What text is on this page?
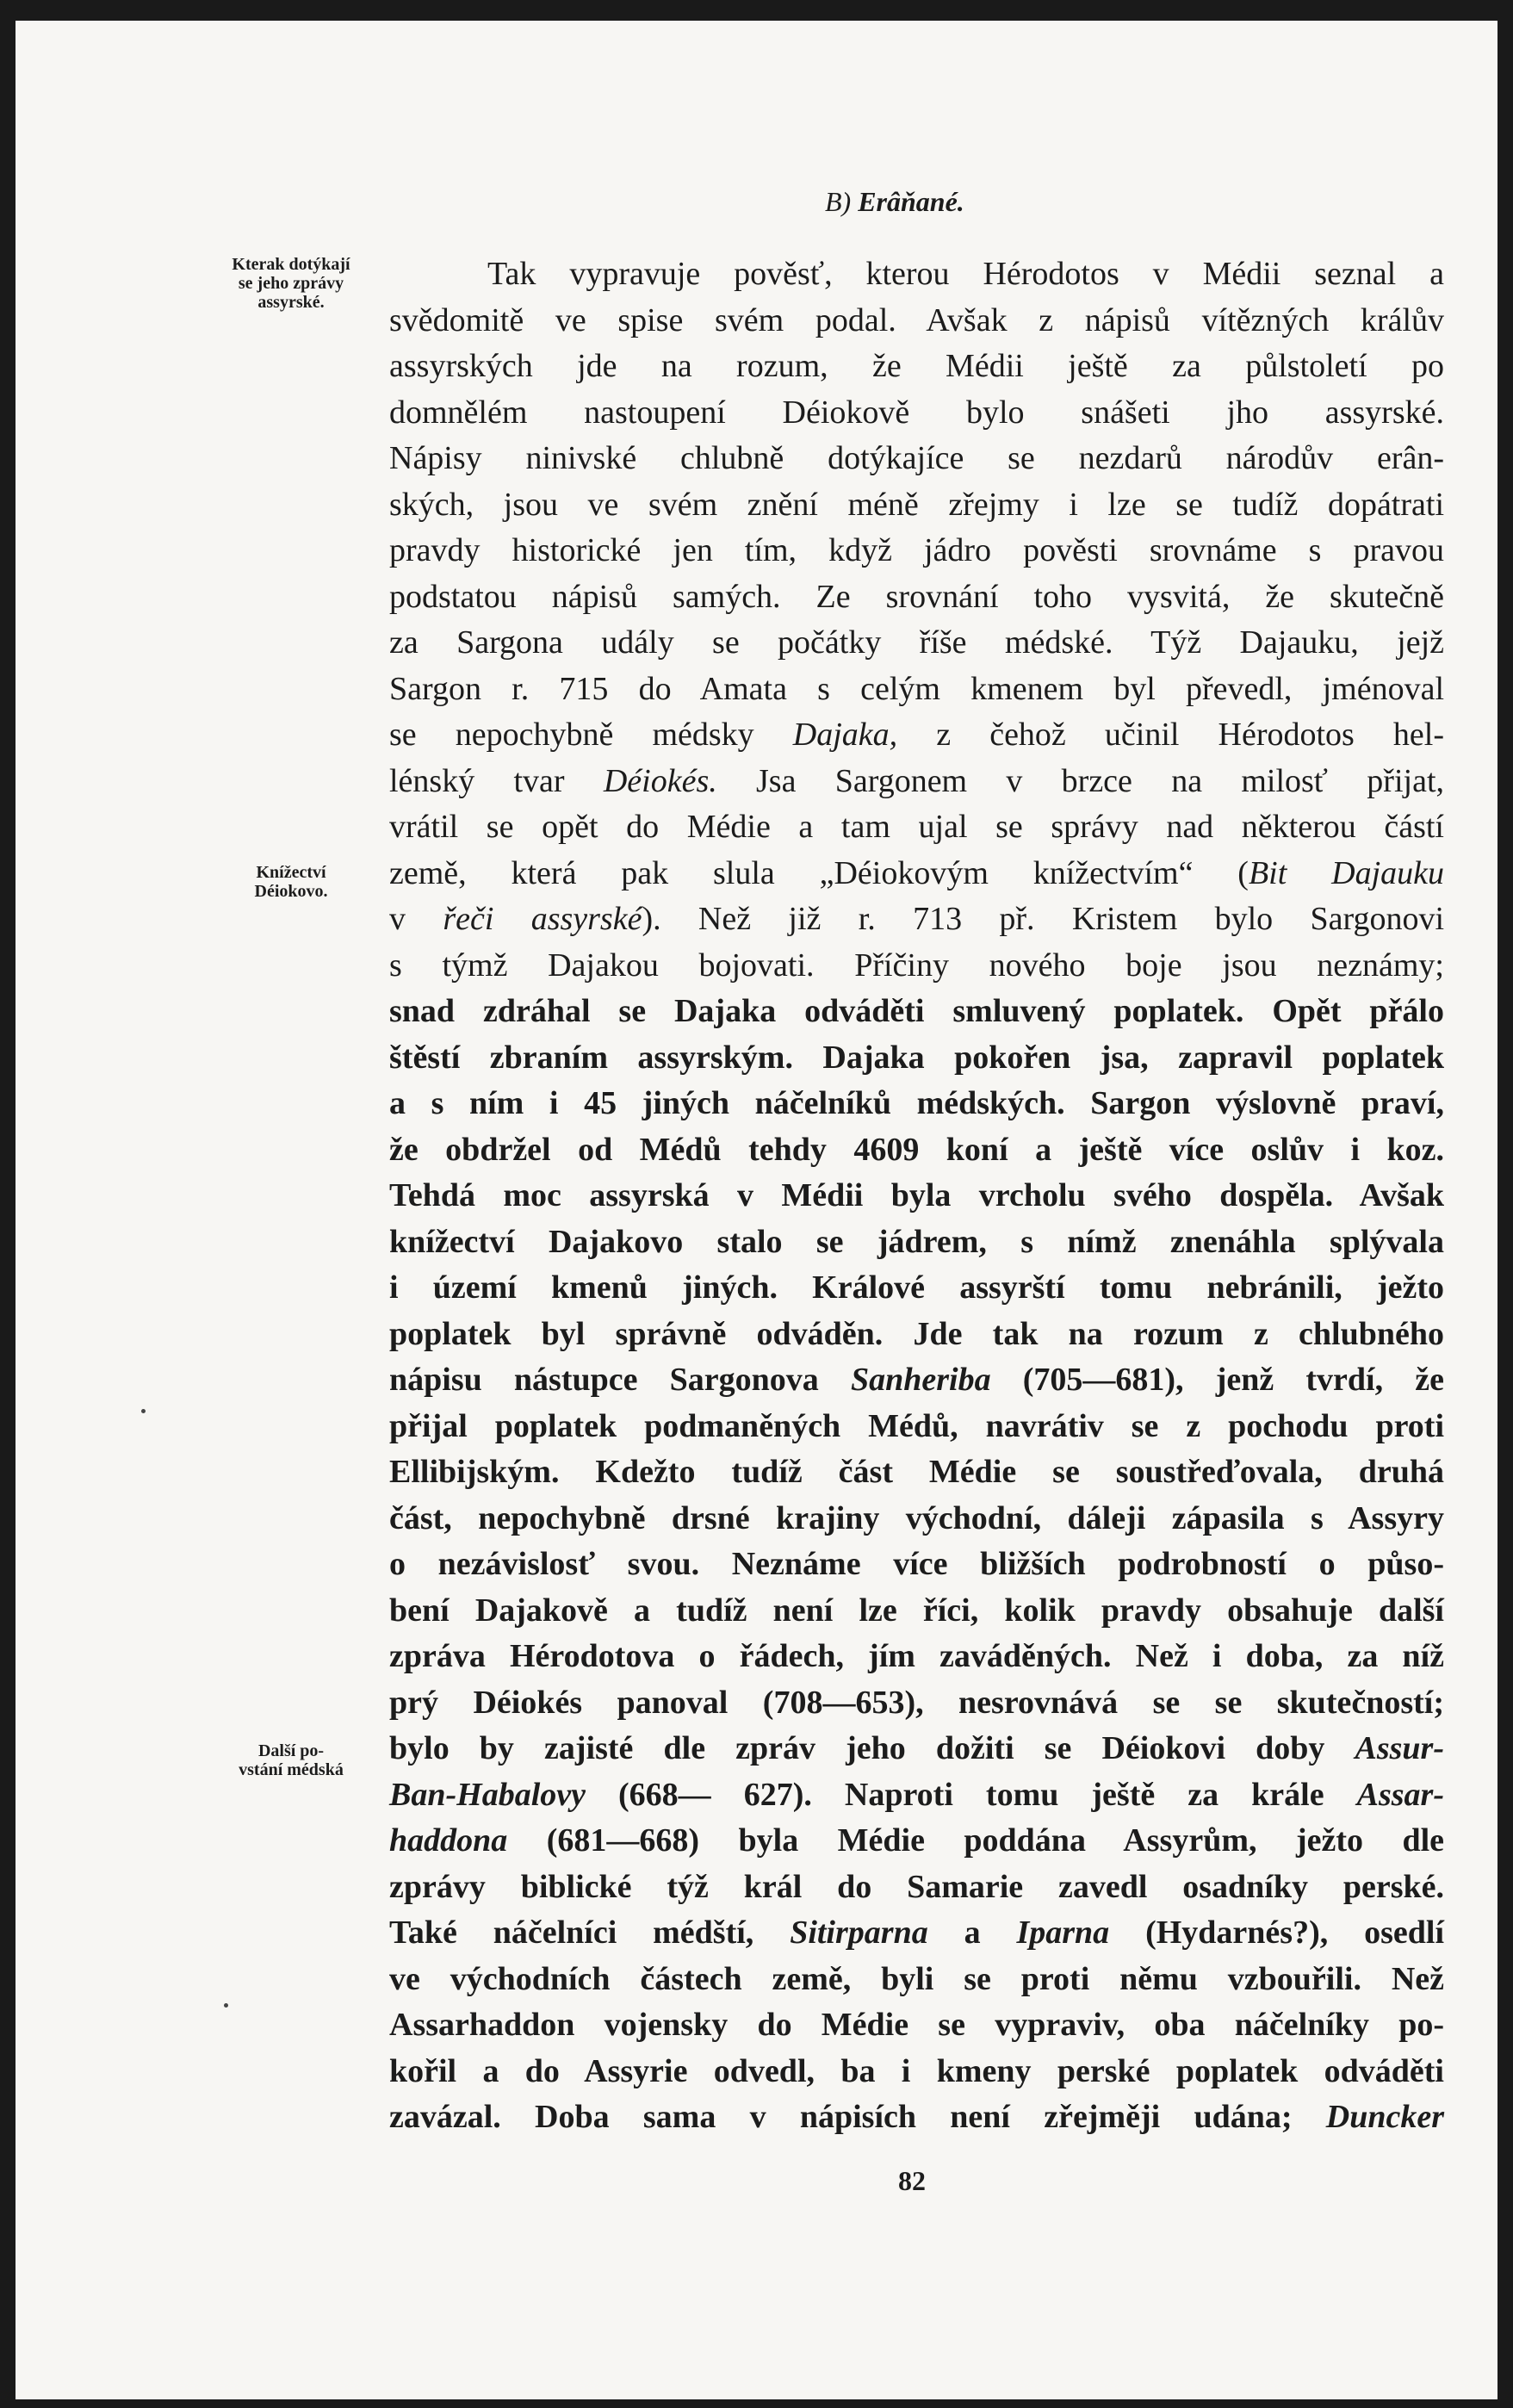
B) Erâňané.
Kterak dotýkají
se jeho zprávy
assyrské.
Knížectví
Déiokovo.
Další po-
vstání médská
Tak vypravuje pověsť, kterou Hérodotos v Médii seznal a
svědomitě ve spise svém podal. Avšak z nápisů vítězných králův
assyrských jde na rozum, že Médii ještě za půlstoletí po
domnělém nastoupení Déiokově bylo snášeti jho assyrské.
Nápisy ninivské chlubně dotýkajíce se nezdarů národův erân-
ských, jsou ve svém znění méně zřejmy i lze se tudíž dopátrati
pravdy historické jen tím, když jádro pověsti srovnáme s pravou
podstatou nápisů samých. Ze srovnání toho vysvitá, že skutečně
za Sargona udály se počátky říše médské. Týž Dajauku, jejž
Sargon r. 715 do Amata s celým kmenem byl převedl, jménoval
se nepochybně médsky Dajaka, z čehož učinil Hérodotos hel-
lénský tvar Déiokés. Jsa Sargonem v brzce na milosť přijat,
vrátil se opět do Médie a tam ujal se správy nad některou částí
země, která pak slula „Déiokovým knížectvím“ (Bit Dajauku
v řeči assyrské). Než již r. 713 př. Kristem bylo Sargonovi
s týmž Dajakou bojovati. Příčiny nového boje jsou neznámy;
snad zdráhal se Dajaka odváděti smluvený poplatek. Opět přálo
štěstí zbraním assyrským. Dajaka pokořen jsa, zapravil poplatek
a s ním i 45 jiných náčelníků médských. Sargon výslovně praví,
že obdržel od Médů tehdy 4609 koní a ještě více oslův i koz.
Tehdá moc assyrská v Médii byla vrcholu svého dospěla. Avšak
knížectví Dajakovo stalo se jádrem, s nímž znenáhla splývala
i území kmenů jiných. Králové assyrští tomu nebránili, ježto
poplatek byl správně odváděn. Jde tak na rozum z chlubného
nápisu nástupce Sargonova Sanheriba (705—681), jenž tvrdí, že
přijal poplatek podmaněných Médů, navrátiv se z pochodu proti
Ellibijským. Kdežto tudíž část Médie se soustřeďovala, druhá
část, nepochybně drsné krajiny východní, dáleji zápasila s Assyry
o nezávislosť svou. Neznáme více bližších podrobností o půso-
bení Dajakově a tudíž není lze říci, kolik pravdy obsahuje další
zpráva Hérodotova o řádech, jím zaváděných. Než i doba, za níž
prý Déiokés panoval (708—653), nesrovnává se se skutečností;
bylo by zajisté dle zpráv jeho dožiti se Déiokovi doby Assur-
Ban-Habalovy (668— 627). Naproti tomu ještě za krále Assar-
haddona (681—668) byla Médie poddána Assyrům, ježto dle
zprávy biblické týž král do Samarie zavedl osadníky perské.
Také náčelníci médští, Sitirparna a Iparna (Hydarnés?), osedlí
ve východních částech země, byli se proti němu vzbouřili. Než
Assarhaddon vojensky do Médie se vypraviv, oba náčelníky po-
kořil a do Assyrie odvedl, ba i kmeny perské poplatek odváděti
zavázal. Doba sama v nápisích není zřejměji udána; Duncker
82
